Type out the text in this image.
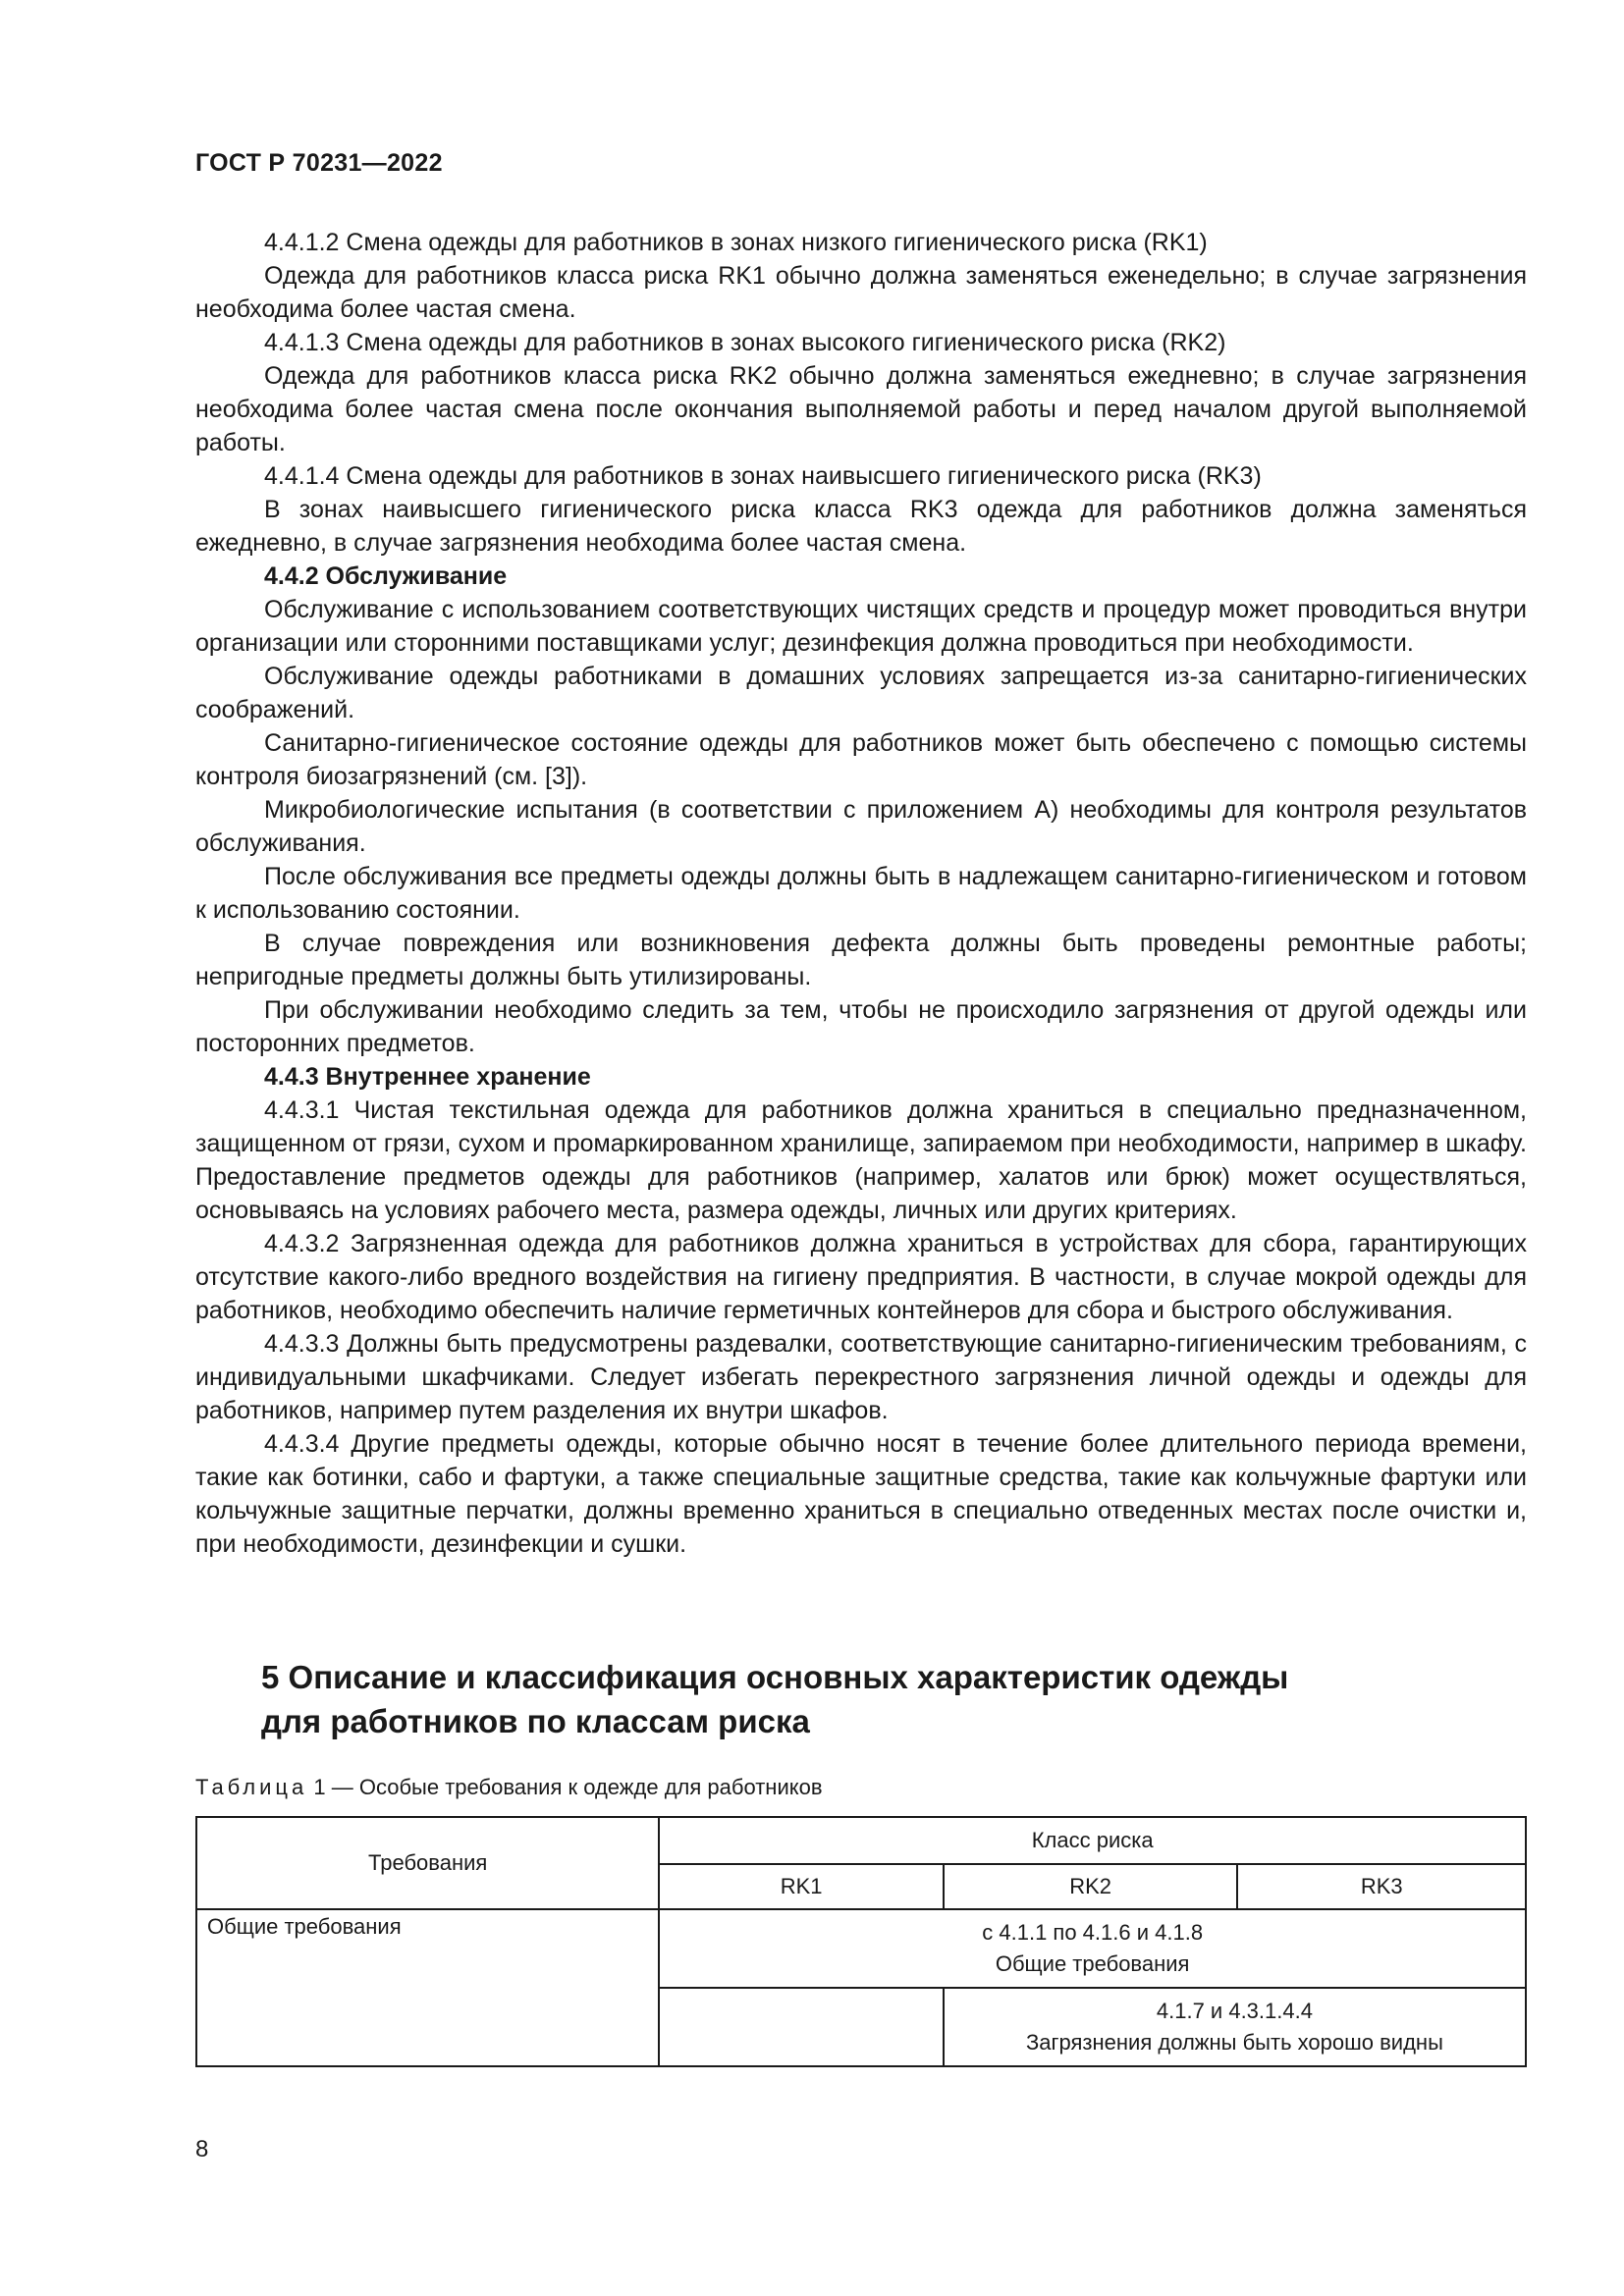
ГОСТ Р 70231—2022

4.4.1.2 Смена одежды для работников в зонах низкого гигиенического риска (RK1)

Одежда для работников класса риска RK1 обычно должна заменяться еженедельно; в случае загрязнения необходима более частая смена.

4.4.1.3 Смена одежды для работников в зонах высокого гигиенического риска (RK2)

Одежда для работников класса риска RK2 обычно должна заменяться ежедневно; в случае загрязнения необходима более частая смена после окончания выполняемой работы и перед началом другой выполняемой работы.

4.4.1.4 Смена одежды для работников в зонах наивысшего гигиенического риска (RK3)

В зонах наивысшего гигиенического риска класса RK3 одежда для работников должна заменяться ежедневно, в случае загрязнения необходима более частая смена.

4.4.2 Обслуживание

Обслуживание с использованием соответствующих чистящих средств и процедур может проводиться внутри организации или сторонними поставщиками услуг; дезинфекция должна проводиться при необходимости.

Обслуживание одежды работниками в домашних условиях запрещается из-за санитарно-гигиенических соображений.

Санитарно-гигиеническое состояние одежды для работников может быть обеспечено с помощью системы контроля биозагрязнений (см. [3]).

Микробиологические испытания (в соответствии с приложением А) необходимы для контроля результатов обслуживания.

После обслуживания все предметы одежды должны быть в надлежащем санитарно-гигиеническом и готовом к использованию состоянии.

В случае повреждения или возникновения дефекта должны быть проведены ремонтные работы; непригодные предметы должны быть утилизированы.

При обслуживании необходимо следить за тем, чтобы не происходило загрязнения от другой одежды или посторонних предметов.

4.4.3 Внутреннее хранение

4.4.3.1 Чистая текстильная одежда для работников должна храниться в специально предназначенном, защищенном от грязи, сухом и промаркированном хранилище, запираемом при необходимости, например в шкафу. Предоставление предметов одежды для работников (например, халатов или брюк) может осуществляться, основываясь на условиях рабочего места, размера одежды, личных или других критериях.

4.4.3.2 Загрязненная одежда для работников должна храниться в устройствах для сбора, гарантирующих отсутствие какого-либо вредного воздействия на гигиену предприятия. В частности, в случае мокрой одежды для работников, необходимо обеспечить наличие герметичных контейнеров для сбора и быстрого обслуживания.

4.4.3.3 Должны быть предусмотрены раздевалки, соответствующие санитарно-гигиеническим требованиям, с индивидуальными шкафчиками. Следует избегать перекрестного загрязнения личной одежды и одежды для работников, например путем разделения их внутри шкафов.

4.4.3.4 Другие предметы одежды, которые обычно носят в течение более длительного периода времени, такие как ботинки, сабо и фартуки, а также специальные защитные средства, такие как кольчужные фартуки или кольчужные защитные перчатки, должны временно храниться в специально отведенных местах после очистки и, при необходимости, дезинфекции и сушки.

5 Описание и классификация основных характеристик одежды
для работников по классам риска
Таблица 1 — Особые требования к одежде для работников
Требования	Класс риска		
	RK1	RK2	RK3
Общие требования	с 4.1.1 по 4.1.6 и 4.1.8
Общие требования		

		4.1.7 и 4.3.1.4.4
Загрязнения должны быть хорошо видны	
8
